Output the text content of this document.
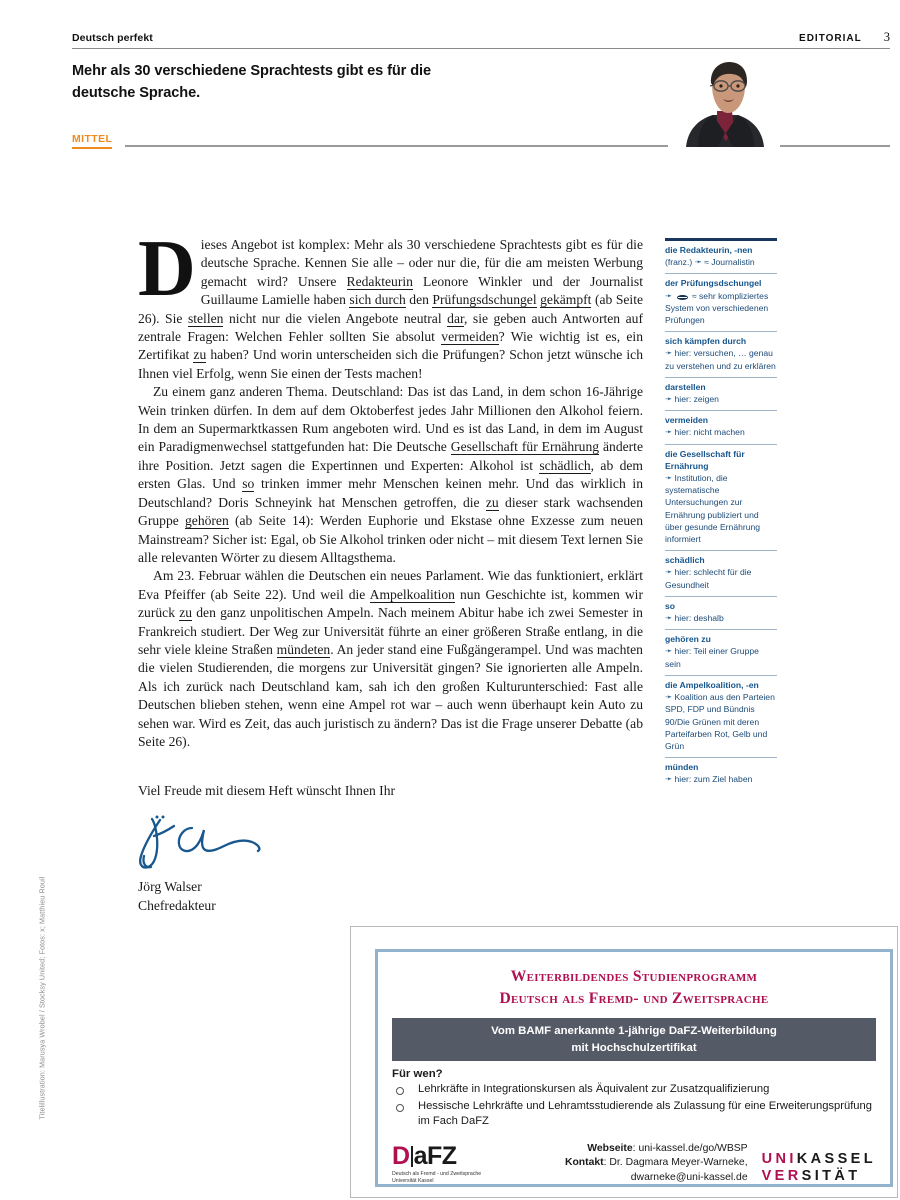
Deutsch perfekt	EDITORIAL 3
Mehr als 30 verschiedene Sprachtests gibt es für die deutsche Sprache.
MITTEL

Dieses Angebot ist komplex: Mehr als 30 verschiedene Sprachtests gibt es für die deutsche Sprache. Kennen Sie alle – oder nur die, für die am meisten Werbung gemacht wird? Unsere Redakteurin Leonore Winkler und der Journalist Guillaume Lamielle haben sich durch den Prüfungsdschungel gekämpft (ab Seite 26). Sie stellen nicht nur die vielen Angebote neutral dar, sie geben auch Antworten auf zentrale Fragen: Welchen Fehler sollten Sie absolut vermeiden? Wie wichtig ist es, ein Zertifikat zu haben? Und worin unterscheiden sich die Prüfungen? Schon jetzt wünsche ich Ihnen viel Erfolg, wenn Sie einen der Tests machen!

Zu einem ganz anderen Thema. Deutschland: Das ist das Land, in dem schon 16-Jährige Wein trinken dürfen. In dem auf dem Oktoberfest jedes Jahr Millionen den Alkohol feiern. In dem an Supermarktkassen Rum angeboten wird. Und es ist das Land, in dem im August ein Paradigmenwechsel stattgefunden hat: Die Deutsche Gesellschaft für Ernährung änderte ihre Position. Jetzt sagen die Expertinnen und Experten: Alkohol ist schädlich, ab dem ersten Glas. Und so trinken immer mehr Menschen keinen mehr. Und das wirklich in Deutschland? Doris Schneyink hat Menschen getroffen, die zu dieser stark wachsenden Gruppe gehören (ab Seite 14): Werden Euphorie und Ekstase ohne Exzesse zum neuen Mainstream? Sicher ist: Egal, ob Sie Alkohol trinken oder nicht – mit diesem Text lernen Sie alle relevanten Wörter zu diesem Alltagsthema.

Am 23. Februar wählen die Deutschen ein neues Parlament. Wie das funktioniert, erklärt Eva Pfeiffer (ab Seite 22). Und weil die Ampelkoalition nun Geschichte ist, kommen wir zurück zu den ganz unpolitischen Ampeln. Nach meinem Abitur habe ich zwei Semester in Frankreich studiert. Der Weg zur Universität führte an einer größeren Straße entlang, in die sehr viele kleine Straßen mündeten. An jeder stand eine Fußgängerampel. Und was machten die vielen Studierenden, die morgens zur Universität gingen? Sie ignorierten alle Ampeln. Als ich zurück nach Deutschland kam, sah ich den großen Kulturunterschied: Fast alle Deutschen blieben stehen, wenn eine Ampel rot war – auch wenn überhaupt kein Auto zu sehen war. Wird es Zeit, das auch juristisch zu ändern? Das ist die Frage unserer Debatte (ab Seite 26).

Viel Freude mit diesem Heft wünscht Ihnen Ihr
Jörg Walser
Chefredakteur
Titelillustration: Marusya Wrobel / Stocksy United; Fotos: x; Matthieu Rouil
die Redakteurin, -nen
(franz.) ➛ ≈ Journalistin
der Prüfungsdschungel
➛ ≈ sehr kompliziertes System von verschiedenen Prüfungen
sich kämpfen durch
➛ hier: versuchen, … genau zu verstehen und zu erklären
darstellen
➛ hier: zeigen
vermeiden
➛ hier: nicht machen
die Gesellschaft für Ernährung
➛ Institution, die systematische Untersuchungen zur Ernährung publiziert und über gesunde Ernährung informiert
schädlich
➛ hier: schlecht für die Gesundheit
so
➛ hier: deshalb
gehören zu
➛ hier: Teil einer Gruppe sein
die Ampelkoalition, -en
➛ Koalition aus den Parteien SPD, FDP und Bündnis 90/Die Grünen mit deren Parteifarben Rot, Gelb und Grün
münden
➛ hier: zum Ziel haben
Weiterbildendes Studienprogramm
Deutsch als Fremd- und Zweitsprache
Vom BAMF anerkannte 1-jährige DaFZ-Weiterbildung
mit Hochschulzertifikat
Für wen?
Lehrkräfte in Integrationskursen als Äquivalent zur Zusatzqualifizierung
Hessische Lehrkräfte und Lehramtsstudierende als Zulassung für eine Erweiterungsprüfung im Fach DaFZ
D aFZ
Deutsch als Fremd - und Zweitsprache
Universität Kassel
Webseite: uni-kassel.de/go/WBSP
Kontakt: Dr. Dagmara Meyer-Warneke,
dwarneke@uni-kassel.de
UNIKASSEL
VERSITÄT
